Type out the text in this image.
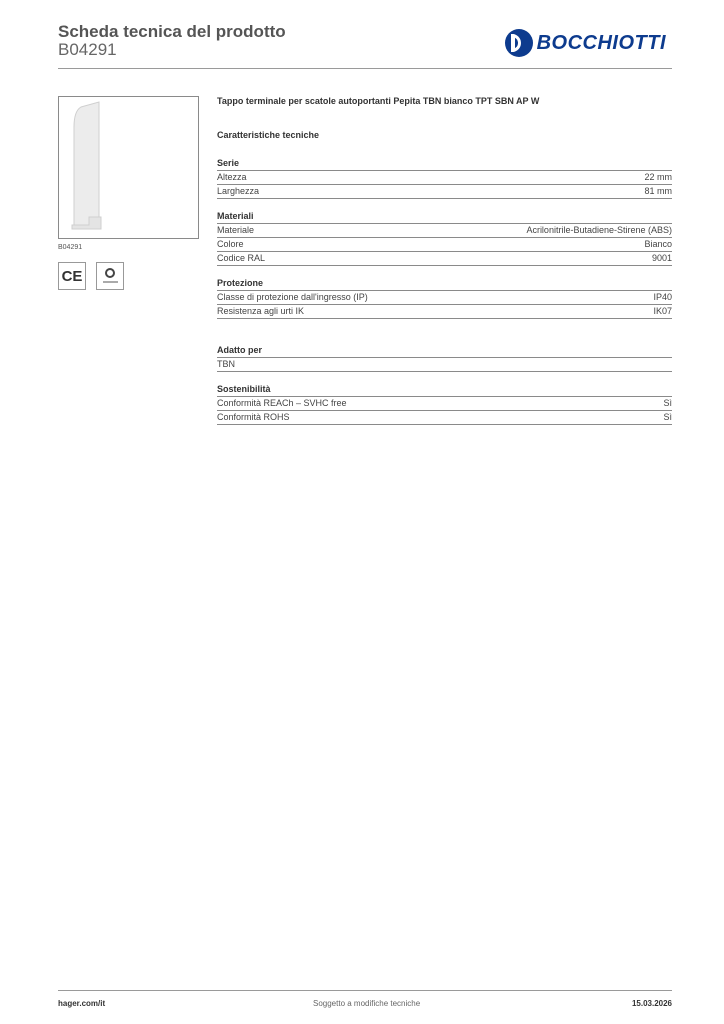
Scheda tecnica del prodotto
B04291	BOCCHIOTTI
B04291
CE
Tappo terminale per scatole autoportanti Pepita TBN bianco TPT SBN AP W
Caratteristiche tecniche
Serie
Altezza	22 mm
Larghezza	81 mm
Materiali
Materiale	Acrilonitrile-Butadiene-Stirene (ABS)
Colore	Bianco
Codice RAL	9001
Protezione
Classe di protezione dall'ingresso (IP)	IP40
Resistenza agli urti IK	IK07
Adatto per
TBN
Sostenibilità
Conformità REACh – SVHC free	Sì
Conformità ROHS	Sì
hager.com/it	Soggetto a modifiche tecniche	15.03.2026
